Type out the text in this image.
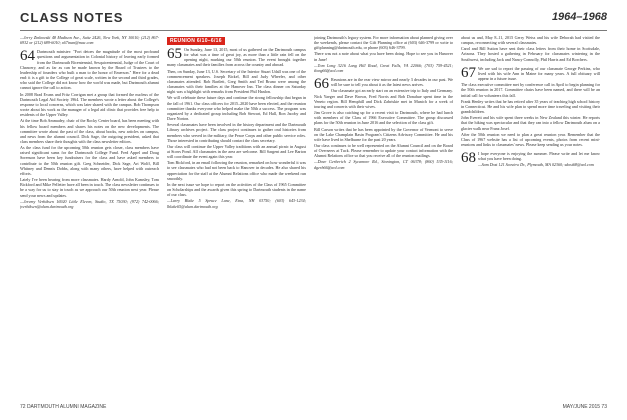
CLASS NOTES	1964–1968

—Jerry Zinkowski 48 Madison Ave., Suite 2426, New York, NY 10010; (212) 867-6932 or (212) 689-6010; x67inan@mac.com

64 Dartmouth minister: "Fort detoes the magnitude of the most profound questions and argumentation in Colonial history of leaving early formed from the Dartmouth Bicentennial, Sesquicentennial, Judge of the Court of Chancery, and as far as can be made known by the Board of Trustees to the leadership of founders who built a man to the honor of Emerson." Here for a dead end: it is a gift to the College of great scale, written in the second and third grades, who said the College did not know how the world was made, but Dartmouth alumni cannot ignore the call to action.

In 2008 Brad Evans and Fritz Corrigan met a group that formed the nucleus of the Dartmouth Legal Aid Society 1964. The members wrote a letter about the College's response to local concerns, which was later shared with the campus. Bob Thompson wrote about his work as the manager of a legal aid clinic that provides free help to residents of the Upper Valley.

At the time Bob Ammadey, chair of the Rocky Center board, has been meeting with his fellow board members and shares his notes on the new developments. The committee wrote about the past of the class, about books, new articles on campus, and news from the alumni council. Dick Sage, the outgoing president, asked that class members share their thoughts with the class newsletter editors.

As the class fund for the upcoming 50th reunion gets closer, class members have raised significant sums for the Dartmouth College Fund. Fred Appel and Doug Sorenson have been key fundraisers for the class and have asked members to contribute to the 50th reunion gift. Greg Schneider, Dick Sage, Art Wolff, Bill Whitney and Dennis Dobbs, along with many others, have helped with outreach efforts.

Lately I've been hearing from more classmates. Hardy Arnold, John Kamsley, Tom Bickford and Mike Pelletier have all been in touch. The class newsletter continues to be a way for us to stay in touch as we approach our 50th reunion next year. Please send your news and updates.

—Jeremy Verbiksen 16920 Little Eleven, Studio, TX 75030; (972) 742-0066; jverbiksen@alum.dartmouth.org

REUNION 6/10–6/16

65 On Sunday, June 13, 2015, most of us gathered on the Dartmouth campus for what was a time of great joy, as more than a little rain fell on the opening night, marking our 50th reunion. The event brought together many classmates and their families from across the country and abroad.

Then, on Sunday, June 13, U.S. Secretary of the Interior Stuart Udall was one of the commencement speakers. Joseph Bickel, Bill and Judy Wheeler, and other classmates attended. Rob Bartlett, Greg Smith and Ted Bruno were among the classmates with their families at the Hanover Inn. The class dinner on Saturday night was a highlight with remarks from President Phil Hanlon.

We will celebrate these future days and continue the strong fellowship that began in the fall of 1961. Our class officers for 2015–2020 have been elected, and the reunion committee thanks everyone who helped make the 50th a success. The program was organized by a dedicated group including Bob Stewart, Ed Hall, Ron Jacoby and Dave Norton.

Several classmates have been involved in the history department and the Dartmouth Library archives project. The class project continues to gather oral histories from members who served in the military, the Peace Corps and other public service roles. Those interested in contributing should contact the class secretary.

Our class will continue the Upper Valley traditions with an annual picnic in August at Storrs Pond. All classmates in the area are welcome. Bill Sargent and Lee Barton will coordinate the event again this year.

Tom Bickford, in an email following the reunion, remarked on how wonderful it was to see classmates who had not been back to Hanover in decades. He also shared his appreciation for the staff at the Alumni Relations office who made the weekend run smoothly.

In the next issue we hope to report on the activities of the Class of 1965 Committee on Scholarships and the awards given this spring to Dartmouth students in the name of our class.

—Larry Blake 5 Spruce Lane, Etna, NH 03750; (603) 643-1234; lblake65@alum.dartmouth.org

joining Dartmouth's legacy system. For more information about planned giving over the weekends, please contact the Gift Planning office at (603) 646-3799 or write to giftplanning@dartmouth.edu, or phone (603) 646-3799.

There was not a note about what you have been doing. Hope to see you in Hanover in June!

—Tom Long 3216 Lang Hill Road, Great Falls, VA 22066; (703) 759-4521; tlong66@aol.com

66 Reunions are in the rear view mirror and nearly 3 decades in our past. We will be sure to tell you about it as the latest news arrives.

Our classmate got an early start on an extensive trip to Italy and Germany. Nick Yaeger and Dave Brown, Fred Norris and Bob Donahue spent time in the Veneto region. Bill Hemphill and Dick Zabriskie met in Munich for a week of touring and concerts with their wives.

Jim Grove is also catching up for a recent visit to Dartmouth, where he had lunch with members of the Class of 1966 Executive Committee. The group discussed plans for the 50th reunion in June 2016 and the selection of the class gift.

Bill Carson writes that he has been appointed by the Governor of Vermont to serve on the Lake Champlain Basin Program's Citizens Advisory Committee. He and his wife have lived in Shelburne for the past 20 years.

Our class continues to be well represented on the Alumni Council and on the Board of Overseers at Tuck. Please remember to update your contact information with the Alumni Relations office so that you receive all of the reunion mailings.

—Dave Gerberich 2 Sycamore Rd., Stonington, CT 06378; (860) 535-1116; dgerb66@aol.com

about us and, May 8–11, 2015 Gerry Weiss and his wife Deborah had visited the campus, reconnecting with several classmates.

Carol and Bill Sutton have sent their class letters from their home in Scottsdale, Arizona. They hosted a gathering in February for classmates wintering in the Southwest, including Jack and Nancy Connolly, Phil Harris and Ed Borchers.

67 We are sad to report the passing of our classmate George Perkins, who lived with his wife Ann in Maine for many years. A full obituary will appear in a future issue.

The class executive committee met by conference call in April to begin planning for the 50th reunion in 2017. Committee chairs have been named, and there will be an initial call for volunteers this fall.

Frank Henley writes that he has retired after 35 years of teaching high school history in Connecticut. He and his wife plan to spend more time traveling and visiting their grandchildren.

John Everett and his wife spent three weeks in New Zealand this winter. He reports that the hiking was spectacular and that they ran into a fellow Dartmouth alum on a glacier walk near Franz Josef.

After the 50th reunion we need to plan a great reunion year. Remember that the Class of 1967 website has a list of upcoming events, photos from recent mini-reunions and links to classmates' news. Please keep sending us your notes.

68 I hope everyone is enjoying the summer. Please write and let me know what you have been doing.

—Sam Dost 121 Seaview Dr., Plymouth, MA 02360; sdost68@aol.com

72 DARTMOUTH ALUMNI MAGAZINE	MAY/JUNE 2015 73
